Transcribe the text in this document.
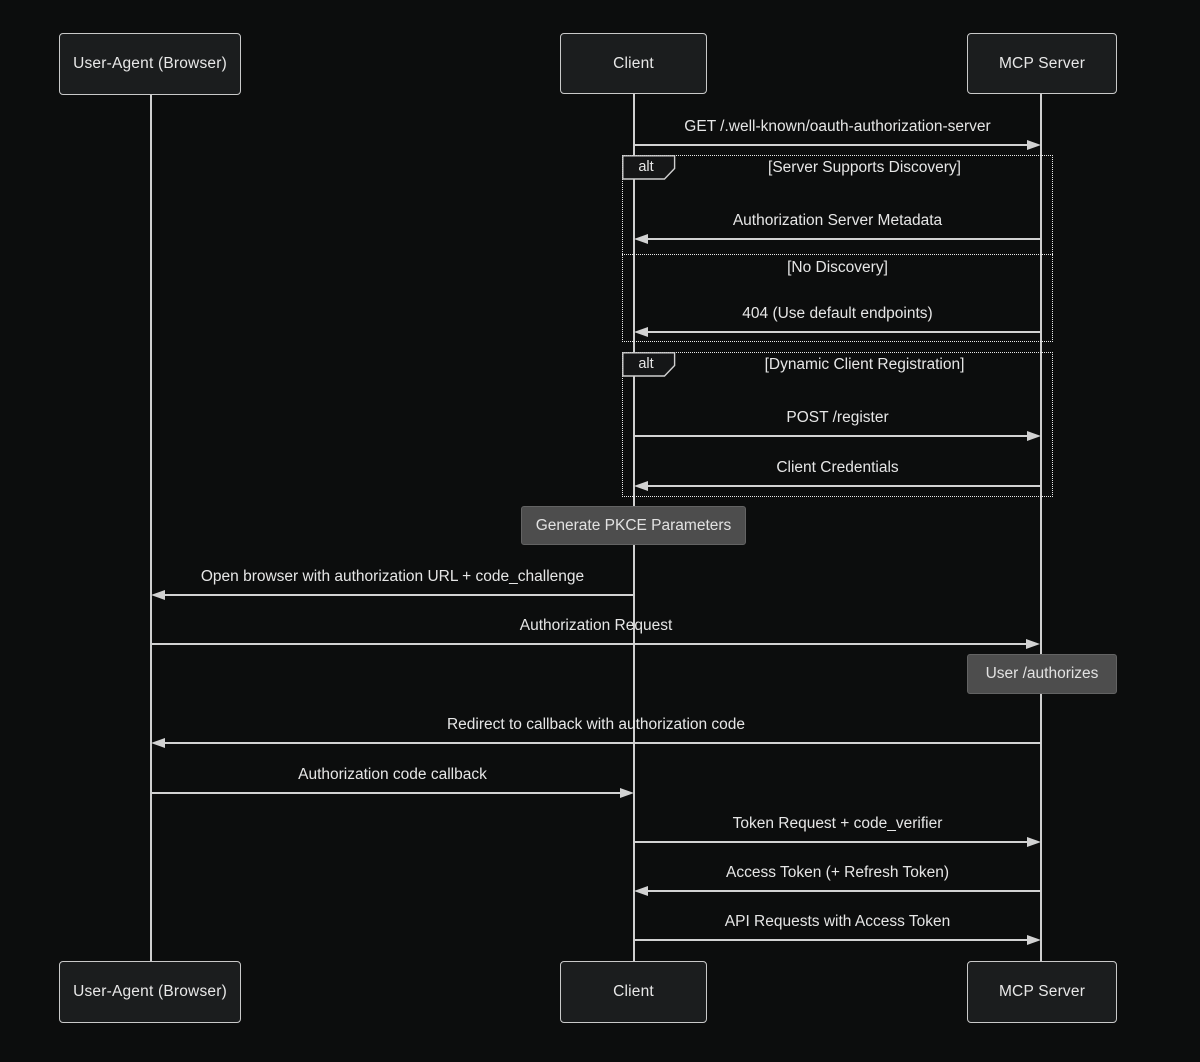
User-Agent (Browser)	Client	MCP Server
GET /.well-known/oauth-authorization-server
alt	[Server Supports Discovery]
Authorization Server Metadata
[No Discovery]
404 (Use default endpoints)
alt	[Dynamic Client Registration]
POST /register
Client Credentials
Generate PKCE Parameters
Open browser with authorization URL + code_challenge
Authorization Request
User /authorizes
Redirect to callback with authorization code
Authorization code callback
Token Request + code_verifier
Access Token (+ Refresh Token)
API Requests with Access Token
User-Agent (Browser)	Client	MCP Server
